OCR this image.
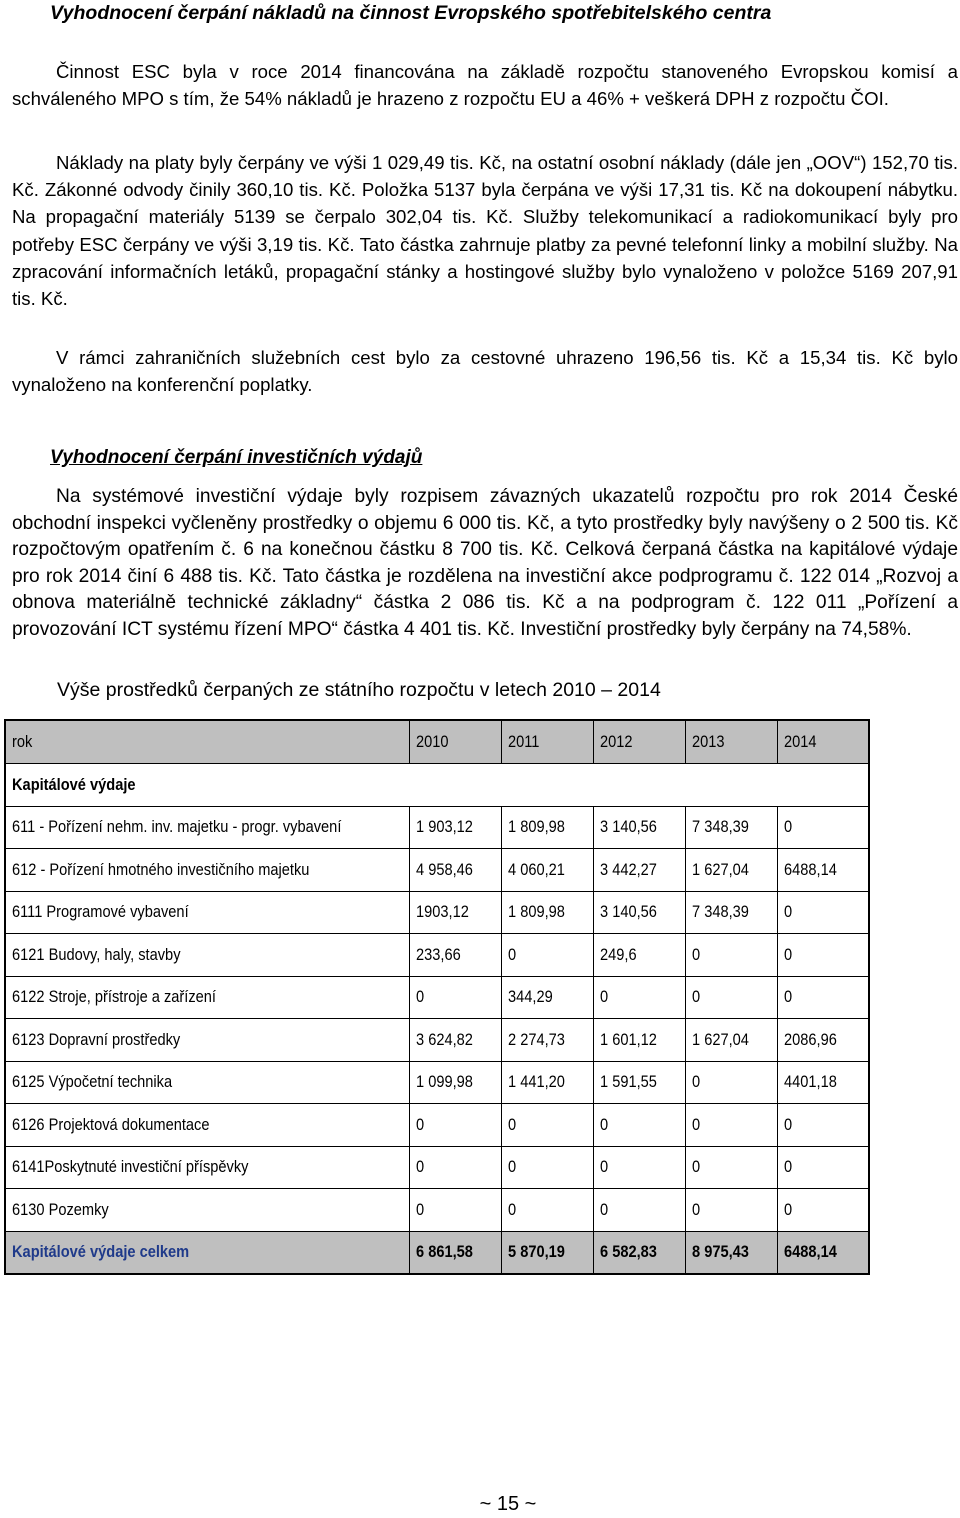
Vyhodnocení čerpání nákladů na činnost Evropského spotřebitelského centra

Činnost ESC byla v roce 2014 financována na základě rozpočtu stanoveného Evropskou komisí a schváleného MPO s tím, že 54% nákladů je hrazeno z rozpočtu EU a 46% + veškerá DPH z rozpočtu ČOI.

Náklady na platy byly čerpány ve výši 1 029,49 tis. Kč, na ostatní osobní náklady (dále jen „OOV“) 152,70 tis. Kč. Zákonné odvody činily 360,10 tis. Kč. Položka 5137 byla čerpána ve výši 17,31 tis. Kč na dokoupení nábytku. Na propagační materiály 5139 se čerpalo 302,04 tis. Kč. Služby telekomunikací a radiokomunikací byly pro potřeby ESC čerpány ve výši 3,19 tis. Kč. Tato částka zahrnuje platby za pevné telefonní linky a mobilní služby. Na zpracování informačních letáků, propagační stánky a hostingové služby bylo vynaloženo v položce 5169 207,91 tis. Kč.

V rámci zahraničních služebních cest bylo za cestovné uhrazeno 196,56 tis. Kč a 15,34 tis. Kč bylo vynaloženo na konferenční poplatky.

Vyhodnocení čerpání investičních výdajů

Na systémové investiční výdaje byly rozpisem závazných ukazatelů rozpočtu pro rok 2014 České obchodní inspekci vyčleněny prostředky o objemu 6 000 tis. Kč, a tyto prostředky byly navýšeny o 2 500 tis. Kč rozpočtovým opatřením č. 6 na konečnou částku 8 700 tis. Kč. Celková čerpaná částka na kapitálové výdaje pro rok 2014 činí 6 488 tis. Kč. Tato částka je rozdělena na investiční akce podprogramu č. 122 014 „Rozvoj a obnova materiálně technické základny“ částka 2 086 tis. Kč a na podprogram č. 122 011 „Pořízení a provozování ICT systému řízení MPO“ částka 4 401 tis. Kč. Investiční prostředky byly čerpány na 74,58%.

Výše prostředků čerpaných ze státního rozpočtu v letech 2010 – 2014

rok	2010	2011	2012	2013	2014
Kapitálové výdaje					
611 - Pořízení nehm. inv. majetku - progr. vybavení	1 903,12	1 809,98	3 140,56	7 348,39	0
612 - Pořízení hmotného investičního majetku	4 958,46	4 060,21	3 442,27	1 627,04	6488,14
6111 Programové vybavení	1903,12	1 809,98	3 140,56	7 348,39	0
6121 Budovy, haly, stavby	233,66	0	249,6	0	0
6122 Stroje, přístroje a zařízení	0	344,29	0	0	0
6123 Dopravní prostředky	3 624,82	2 274,73	1 601,12	1 627,04	2086,96
6125 Výpočetní technika	1 099,98	1 441,20	1 591,55	0	4401,18
6126 Projektová dokumentace	0	0	0	0	0
6141Poskytnuté investiční příspěvky	0	0	0	0	0
6130 Pozemky	0	0	0	0	0
Kapitálové výdaje celkem	6 861,58	5 870,19	6 582,83	8 975,43	6488,14

~ 15 ~
